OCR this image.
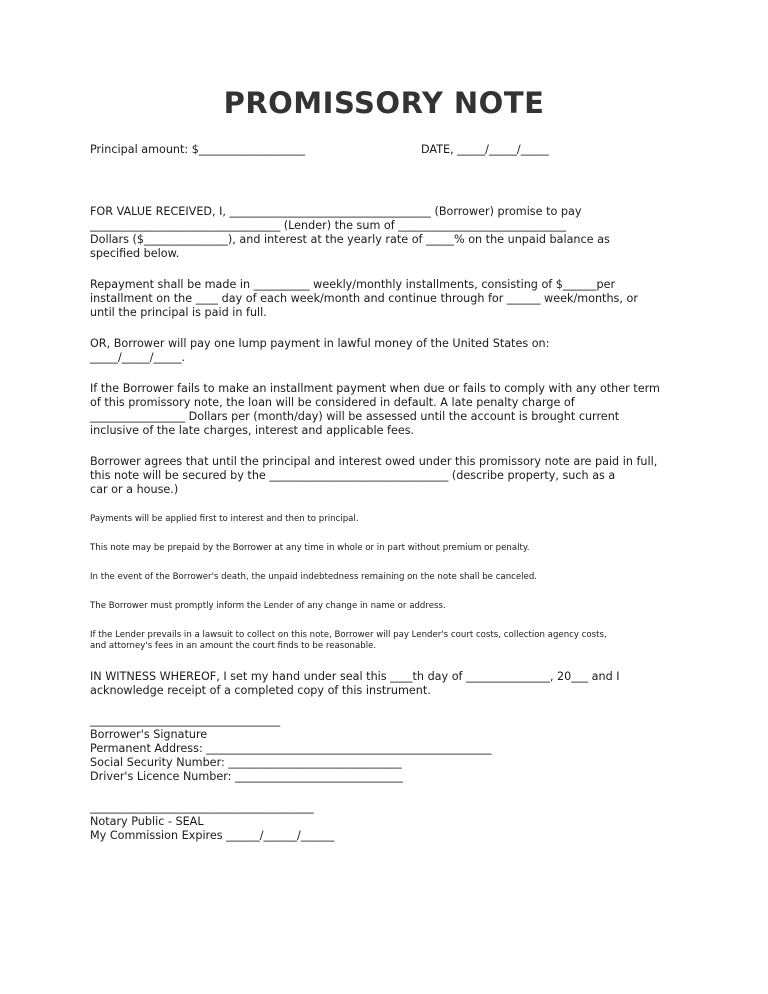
PROMISSORY NOTE

Principal amount: $___________________	DATE, _____/_____/_____

FOR VALUE RECEIVED, I, ____________________________________ (Borrower) promise to pay

__________________________________ (Lender) the sum of ______________________________

Dollars ($_______________), and interest at the yearly rate of _____% on the unpaid balance as

specified below.

Repayment shall be made in __________ weekly/monthly installments, consisting of $______per

installment on the ____ day of each week/month and continue through for ______ week/months, or

until the principal is paid in full.

OR, Borrower will pay one lump payment in lawful money of the United States on:

_____/_____/_____.

If the Borrower fails to make an installment payment when due or fails to comply with any other term

of this promissory note, the loan will be considered in default. A late penalty charge of

_________________ Dollars per (month/day) will be assessed until the account is brought current

inclusive of the late charges, interest and applicable fees.

Borrower agrees that until the principal and interest owed under this promissory note are paid in full,

this note will be secured by the ________________________________ (describe property, such as a

car or a house.)

Payments will be applied first to interest and then to principal.

This note may be prepaid by the Borrower at any time in whole or in part without premium or penalty.

In the event of the Borrower's death, the unpaid indebtedness remaining on the note shall be canceled.

The Borrower must promptly inform the Lender of any change in name or address.

If the Lender prevails in a lawsuit to collect on this note, Borrower will pay Lender's court costs, collection agency costs,

and attorney's fees in an amount the court finds to be reasonable.

IN WITNESS WHEREOF, I set my hand under seal this ____th day of _______________, 20___ and I

acknowledge receipt of a completed copy of this instrument.

__________________________________

Borrower's Signature

Permanent Address: ___________________________________________________

Social Security Number: _______________________________

Driver's Licence Number: ______________________________

________________________________________

Notary Public - SEAL

My Commission Expires ______/______/______
